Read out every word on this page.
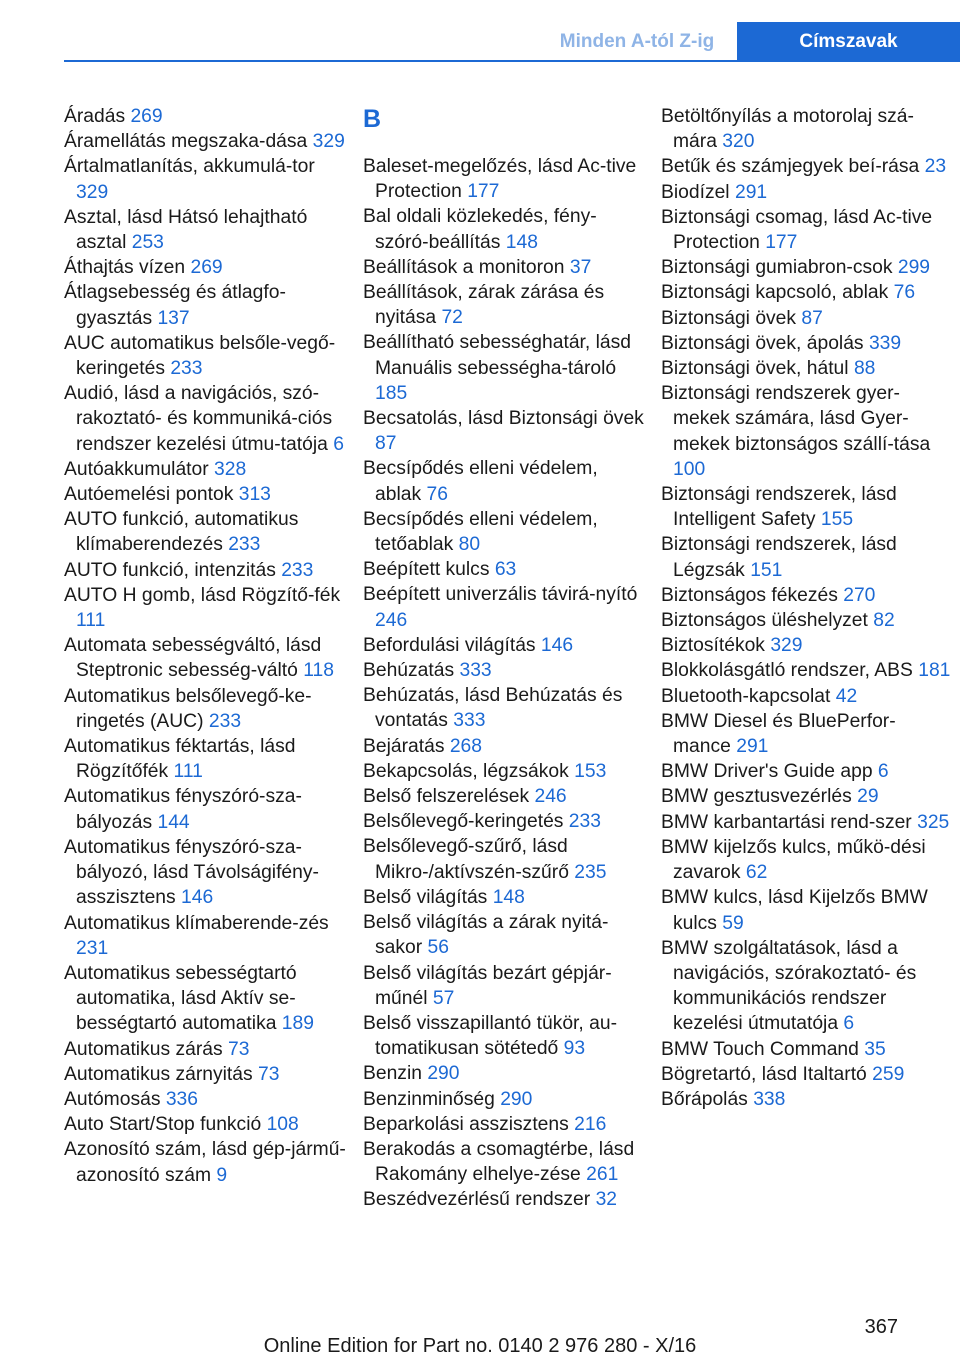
Minden A-tól Z-ig	Címszavak
Áradás 269
Áramellátás megszaka-dása 329
Ártalmatlanítás, akkumulá-tor 329
Asztal, lásd Hátsó lehajtható asztal 253
Áthajtás vízen 269
Átlagsebesség és átlagfo-gyasztás 137
AUC automatikus belsőle-vegő-keringetés 233
Audió, lásd a navigációs, szó-rakoztató- és kommuniká-ciós rendszer kezelési útmu-tatója 6
Autóakkumulátor 328
Autóemelési pontok 313
AUTO funkció, automatikus klímaberendezés 233
AUTO funkció, intenzitás 233
AUTO H gomb, lásd Rögzítő-fék 111
Automata sebességváltó, lásd Steptronic sebesség-váltó 118
Automatikus belsőlevegő-ke-ringetés (AUC) 233
Automatikus féktartás, lásd Rögzítőfék 111
Automatikus fényszóró-sza-bályozás 144
Automatikus fényszóró-sza-bályozó, lásd Távolságifény-asszisztens 146
Automatikus klímaberende-zés 231
Automatikus sebességtartó automatika, lásd Aktív se-bességtartó automatika 189
Automatikus zárás 73
Automatikus zárnyitás 73
Autómosás 336
Auto Start/Stop funkció 108
Azonosító szám, lásd gép-jármű-azonosító szám 9
B
Baleset-megelőzés, lásd Ac-tive Protection 177
Bal oldali közlekedés, fény-szóró-beállítás 148
Beállítások a monitoron 37
Beállítások, zárak zárása és nyitása 72
Beállítható sebességhatár, lásd Manuális sebességha-tároló 185
Becsatolás, lásd Biztonsági övek 87
Becsípődés elleni védelem, ablak 76
Becsípődés elleni védelem, tetőablak 80
Beépített kulcs 63
Beépített univerzális távirá-nyító 246
Befordulási világítás 146
Behúzatás 333
Behúzatás, lásd Behúzatás és vontatás 333
Bejáratás 268
Bekapcsolás, légzsákok 153
Belső felszerelések 246
Belsőlevegő-keringetés 233
Belsőlevegő-szűrő, lásd Mikro-/aktívszén-szűrő 235
Belső világítás 148
Belső világítás a zárak nyitá-sakor 56
Belső világítás bezárt gépjár-műnél 57
Belső visszapillantó tükör, au-tomatikusan sötétedő 93
Benzin 290
Benzinminőség 290
Beparkolási asszisztens 216
Berakodás a csomagtérbe, lásd Rakomány elhelye-zése 261
Beszédvezérlésű rendszer 32
Betöltőnyílás a motorolaj szá-mára 320
Betűk és számjegyek beí-rása 23
Biodízel 291
Biztonsági csomag, lásd Ac-tive Protection 177
Biztonsági gumiabron-csok 299
Biztonsági kapcsoló, ablak 76
Biztonsági övek 87
Biztonsági övek, ápolás 339
Biztonsági övek, hátul 88
Biztonsági rendszerek gyer-mekek számára, lásd Gyer-mekek biztonságos szállí-tása 100
Biztonsági rendszerek, lásd Intelligent Safety 155
Biztonsági rendszerek, lásd Légzsák 151
Biztonságos fékezés 270
Biztonságos üléshelyzet 82
Biztosítékok 329
Blokkolásgátló rendszer, ABS 181
Bluetooth-kapcsolat 42
BMW Diesel és BluePerfor-mance 291
BMW Driver's Guide app 6
BMW gesztusvezérlés 29
BMW karbantartási rend-szer 325
BMW kijelzős kulcs, műkö-dési zavarok 62
BMW kulcs, lásd Kijelzős BMW kulcs 59
BMW szolgáltatások, lásd a navigációs, szórakoztató- és kommunikációs rendszer kezelési útmutatója 6
BMW Touch Command 35
Bögretartó, lásd Italtartó 259
Bőrápolás 338
367
Online Edition for Part no. 0140 2 976 280 - X/16
